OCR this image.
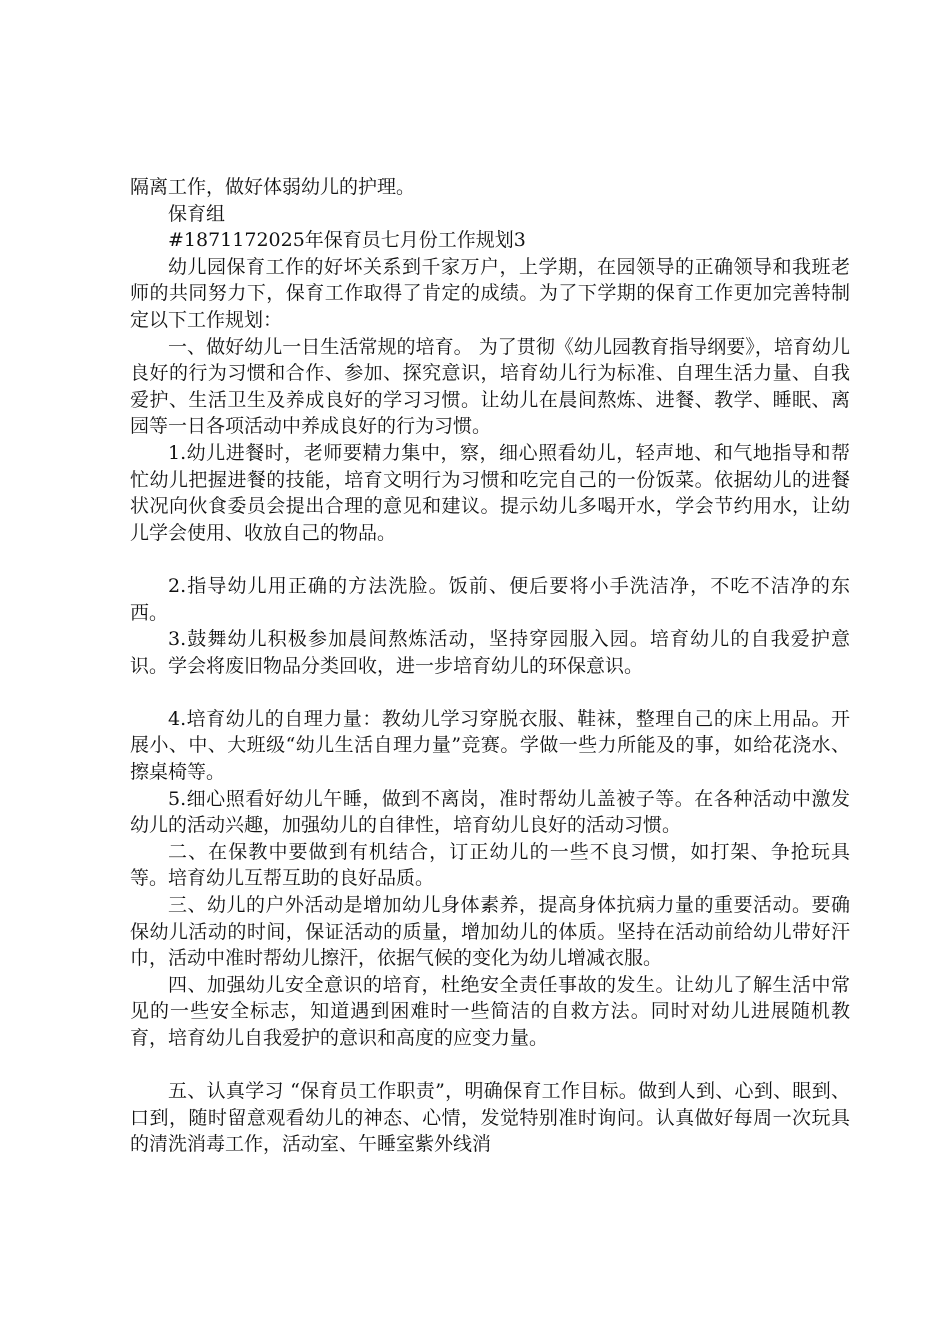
隔离工作，做好体弱幼儿的护理。

保育组

#1871172025年保育员七月份工作规划3

幼儿园保育工作的好坏关系到千家万户，上学期，在园领导的正确领导和我班老师的共同努力下，保育工作取得了肯定的成绩。为了下学期的保育工作更加完善特制定以下工作规划：

一、做好幼儿一日生活常规的培育。 为了贯彻《幼儿园教育指导纲要》，培育幼儿良好的行为习惯和合作、参加、探究意识，培育幼儿行为标准、自理生活力量、自我爱护、生活卫生及养成良好的学习习惯。让幼儿在晨间熬炼、进餐、教学、睡眠、离园等一日各项活动中养成良好的行为习惯。

1.幼儿进餐时，老师要精力集中，察，细心照看幼儿，轻声地、和气地指导和帮忙幼儿把握进餐的技能，培育文明行为习惯和吃完自己的一份饭菜。依据幼儿的进餐状况向伙食委员会提出合理的意见和建议。提示幼儿多喝开水，学会节约用水，让幼儿学会使用、收放自己的物品。

2.指导幼儿用正确的方法洗脸。饭前、便后要将小手洗洁净，不吃不洁净的东西。

3.鼓舞幼儿积极参加晨间熬炼活动，坚持穿园服入园。培育幼儿的自我爱护意识。学会将废旧物品分类回收，进一步培育幼儿的环保意识。

4.培育幼儿的自理力量：教幼儿学习穿脱衣服、鞋袜，整理自己的床上用品。开展小、中、大班级“幼儿生活自理力量”竞赛。学做一些力所能及的事，如给花浇水、擦桌椅等。

5.细心照看好幼儿午睡，做到不离岗，准时帮幼儿盖被子等。在各种活动中激发幼儿的活动兴趣，加强幼儿的自律性，培育幼儿良好的活动习惯。

二、在保教中要做到有机结合，订正幼儿的一些不良习惯，如打架、争抢玩具等。培育幼儿互帮互助的良好品质。

三、幼儿的户外活动是增加幼儿身体素养，提高身体抗病力量的重要活动。要确保幼儿活动的时间，保证活动的质量，增加幼儿的体质。坚持在活动前给幼儿带好汗巾，活动中准时帮幼儿擦汗，依据气候的变化为幼儿增减衣服。

四、加强幼儿安全意识的培育，杜绝安全责任事故的发生。让幼儿了解生活中常见的一些安全标志，知道遇到困难时一些简洁的自救方法。同时对幼儿进展随机教育，培育幼儿自我爱护的意识和高度的应变力量。

五、认真学习 “保育员工作职责”，明确保育工作目标。做到人到、心到、眼到、口到，随时留意观看幼儿的神态、心情，发觉特别准时询问。认真做好每周一次玩具的清洗消毒工作，活动室、午睡室紫外线消
